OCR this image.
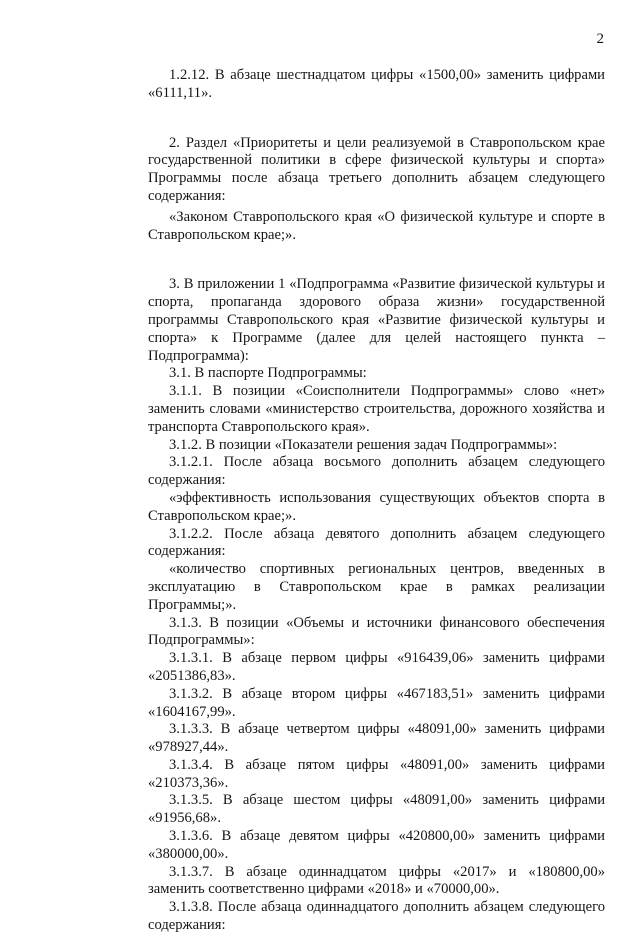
2

1.2.12. В абзаце шестнадцатом цифры «1500,00» заменить цифрами «6111,11».

2. Раздел «Приоритеты и цели реализуемой в Ставропольском крае государственной политики в сфере физической культуры и спорта» Программы после абзаца третьего дополнить абзацем следующего содержания:

«Законом Ставропольского края «О физической культуре и спорте в Ставропольском крае;».

3. В приложении 1 «Подпрограмма «Развитие физической культуры и спорта, пропаганда здорового образа жизни» государственной программы Ставропольского края «Развитие физической культуры и спорта» к Программе (далее для целей настоящего пункта – Подпрограмма):

3.1. В паспорте Подпрограммы:

3.1.1. В позиции «Соисполнители Подпрограммы» слово «нет» заменить словами «министерство строительства, дорожного хозяйства и транспорта Ставропольского края».

3.1.2. В позиции «Показатели решения задач Подпрограммы»:

3.1.2.1. После абзаца восьмого дополнить абзацем следующего содержания:

«эффективность использования существующих объектов спорта в Ставропольском крае;».

3.1.2.2. После абзаца девятого дополнить абзацем следующего содержания:

«количество спортивных региональных центров, введенных в эксплуатацию в Ставропольском крае в рамках реализации Программы;».

3.1.3. В позиции «Объемы и источники финансового обеспечения Подпрограммы»:

3.1.3.1. В абзаце первом цифры «916439,06» заменить цифрами «2051386,83».

3.1.3.2. В абзаце втором цифры «467183,51» заменить цифрами «1604167,99».

3.1.3.3. В абзаце четвертом цифры «48091,00» заменить цифрами «978927,44».

3.1.3.4. В абзаце пятом цифры «48091,00» заменить цифрами «210373,36».

3.1.3.5. В абзаце шестом цифры «48091,00» заменить цифрами «91956,68».

3.1.3.6. В абзаце девятом цифры «420800,00» заменить цифрами «380000,00».

3.1.3.7. В абзаце одиннадцатом цифры «2017» и «180800,00» заменить соответственно цифрами «2018» и «70000,00».

3.1.3.8. После абзаца одиннадцатого дополнить абзацем следующего содержания:
